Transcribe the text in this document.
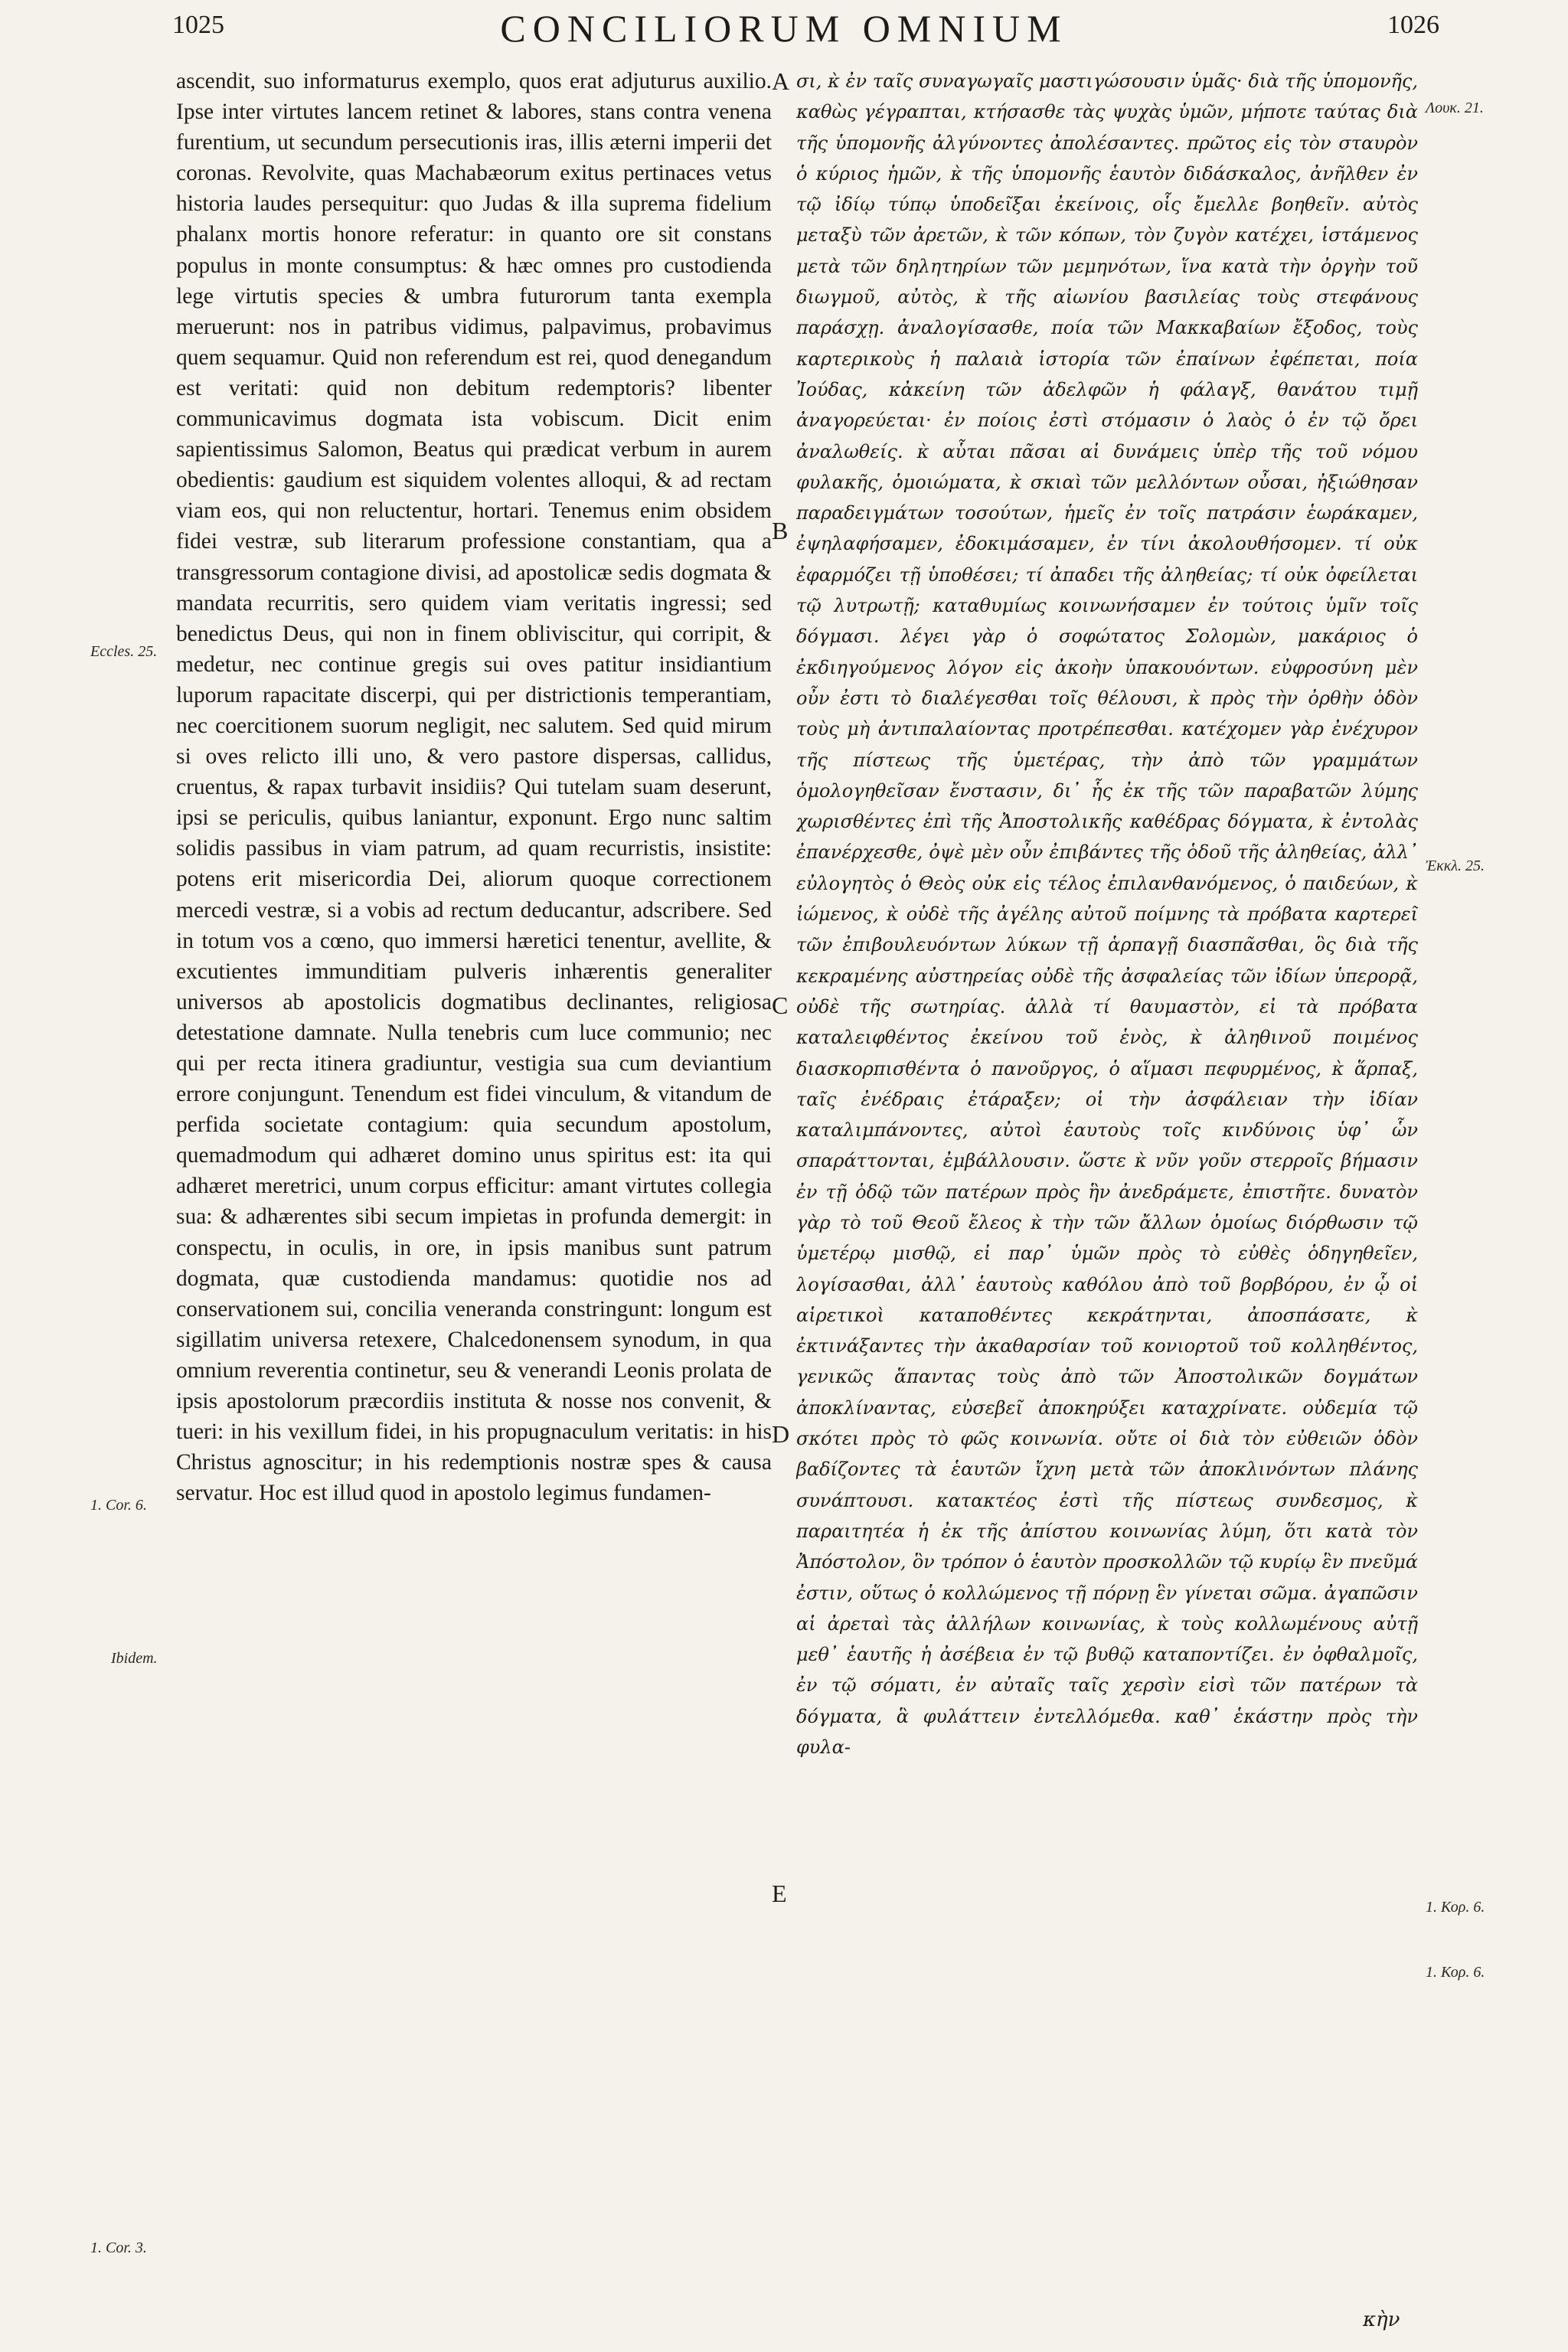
1025	CONCILIORUM OMNIUM	1026

ascendit, suo informaturus exemplo, quos erat adjuturus auxilio. Ipse inter virtutes lancem retinet & labores, stans contra venena furentium, ut secundum persecutionis iras, illis æterni imperii det coronas. Revolvite, quas Machabæorum exitus pertinaces vetus historia laudes persequitur: quo Judas & illa suprema fidelium phalanx mortis honore referatur: in quanto ore sit constans populus in monte consumptus: & hæc omnes pro custodienda lege virtutis species & umbra futurorum tanta exempla meruerunt: nos in patribus vidimus, palpavimus, probavimus quem sequamur. Quid non referendum est rei, quod denegandum est veritati: quid non debitum redemptoris? libenter communicavimus dogmata ista vobiscum. Dicit enim sapientissimus Salomon, Beatus qui prædicat verbum in aurem obedientis: gaudium est siquidem volentes alloqui, & ad rectam viam eos, qui non reluctentur, hortari. Tenemus enim obsidem fidei vestræ, sub literarum professione constantiam, qua a transgressorum contagione divisi, ad apostolicæ sedis dogmata & mandata recurritis, sero quidem viam veritatis ingressi; sed benedictus Deus, qui non in finem obliviscitur, qui corripit, & medetur, nec continue gregis sui oves patitur insidiantium luporum rapacitate discerpi, qui per districtionis temperantiam, nec coercitionem suorum negligit, nec salutem. Sed quid mirum si oves relicto illi uno, & vero pastore dispersas, callidus, cruentus, & rapax turbavit insidiis? Qui tutelam suam deserunt, ipsi se periculis, quibus laniantur, exponunt. Ergo nunc saltim solidis passibus in viam patrum, ad quam recurristis, insistite: potens erit misericordia Dei, aliorum quoque correctionem mercedi vestræ, si a vobis ad rectum deducantur, adscribere. Sed in totum vos a cœno, quo immersi hæretici tenentur, avellite, & excutientes immunditiam pulveris inhærentis generaliter universos ab apostolicis dogmatibus declinantes, religiosa detestatione damnate. Nulla tenebris cum luce communio; nec qui per recta itinera gradiuntur, vestigia sua cum deviantium errore conjungunt. Tenendum est fidei vinculum, & vitandum de perfida societate contagium: quia secundum apostolum, quemadmodum qui adhæret domino unus spiritus est: ita qui adhæret meretrici, unum corpus efficitur: amant virtutes collegia sua: & adhærentes sibi secum impietas in profunda demergit: in conspectu, in oculis, in ore, in ipsis manibus sunt patrum dogmata, quæ custodienda mandamus: quotidie nos ad conservationem sui, concilia veneranda constringunt: longum est sigillatim universa retexere, Chalcedonensem synodum, in qua omnium reverentia continetur, seu & venerandi Leonis prolata de ipsis apostolorum præcordiis instituta & nosse nos convenit, & tueri: in his vexillum fidei, in his propugnaculum veritatis: in his Christus agnoscitur; in his redemptionis nostræ spes & causa servatur. Hoc est illud quod in apostolo legimus fundamen-

σι, κ̀ ἐν ταῖς συναγωγαῖς μαστιγώσουσιν ὑμᾶς· διὰ τῆς ὑπομονῆς, καθὼς γέγραπται, κτήσασθε τὰς ψυχὰς ὑμῶν, μήποτε ταύτας διὰ τῆς ὑπομονῆς ἀλγύνοντες ἀπολέσαντες. πρῶτος εἰς τὸν σταυρὸν ὁ κύριος ἡμῶν, κ̀ τῆς ὑπομονῆς ἑαυτὸν διδάσκαλος, ἀνῆλθεν ἐν τῷ ἰδίῳ τύπῳ ὑποδεῖξαι ἐκείνοις, οἷς ἔμελλε βοηθεῖν. αὐτὸς μεταξὺ τῶν ἀρετῶν, κ̀ τῶν κόπων, τὸν ζυγὸν κατέχει, ἱστάμενος μετὰ τῶν δηλητηρίων τῶν μεμηνότων, ἵνα κατὰ τὴν ὀργὴν τοῦ διωγμοῦ, αὐτὸς, κ̀ τῆς αἰωνίου βασιλείας τοὺς στεφάνους παράσχῃ. ἀναλογίσασθε, ποία τῶν Μακκαβαίων ἔξοδος, τοὺς καρτερικοὺς ἡ παλαιὰ ἱστορία τῶν ἐπαίνων ἐφέπεται, ποία Ἰούδας, κἀκείνη τῶν ἀδελφῶν ἡ φάλαγξ, θανάτου τιμῇ ἀναγορεύεται· ἐν ποίοις ἐστὶ στόμασιν ὁ λαὸς ὁ ἐν τῷ ὄρει ἀναλωθείς. κ̀ αὗται πᾶσαι αἱ δυνάμεις ὑπὲρ τῆς τοῦ νόμου φυλακῆς, ὁμοιώματα, κ̀ σκιαὶ τῶν μελλόντων οὖσαι, ἠξιώθησαν παραδειγμάτων τοσούτων, ἡμεῖς ἐν τοῖς πατράσιν ἑωράκαμεν, ἐψηλαφήσαμεν, ἐδοκιμάσαμεν, ἐν τίνι ἀκολουθήσομεν. τί οὐκ ἐφαρμόζει τῇ ὑποθέσει; τί ἀπαδει τῆς ἀληθείας; τί οὐκ ὀφείλεται τῷ λυτρωτῇ; καταθυμίως κοινωνήσαμεν ἐν τούτοις ὑμῖν τοῖς δόγμασι. λέγει γὰρ ὁ σοφώτατος Σολομὼν, μακάριος ὁ ἐκδιηγούμενος λόγον εἰς ἀκοὴν ὑπακουόντων. εὐφροσύνη μὲν οὖν ἐστι τὸ διαλέγεσθαι τοῖς θέλουσι, κ̀ πρὸς τὴν ὀρθὴν ὁδὸν τοὺς μὴ ἀντιπαλαίοντας προτρέπεσθαι. κατέχομεν γὰρ ἐνέχυρον τῆς πίστεως τῆς ὑμετέρας, τὴν ἀπὸ τῶν γραμμάτων ὁμολογηθεῖσαν ἔνστασιν, δι᾽ ἧς ἐκ τῆς τῶν παραβατῶν λύμης χωρισθέντες ἐπὶ τῆς Ἀποστολικῆς καθέδρας δόγματα, κ̀ ἐντολὰς ἐπανέρχεσθε, ὀψὲ μὲν οὖν ἐπιβάντες τῆς ὁδοῦ τῆς ἀληθείας, ἀλλ᾽ εὐλογητὸς ὁ Θεὸς οὐκ εἰς τέλος ἐπιλανθανόμενος, ὁ παιδεύων, κ̀ ἰώμενος, κ̀ οὐδὲ τῆς ἀγέλης αὐτοῦ ποίμνης τὰ πρόβατα καρτερεῖ τῶν ἐπιβουλευόντων λύκων τῇ ἁρπαγῇ διασπᾶσθαι, ὃς διὰ τῆς κεκραμένης αὐστηρείας οὐδὲ τῆς ἀσφαλείας τῶν ἰδίων ὑπερορᾷ, οὐδὲ τῆς σωτηρίας. ἀλλὰ τί θαυμαστὸν, εἰ τὰ πρόβατα καταλειφθέντος ἐκείνου τοῦ ἑνὸς, κ̀ ἀληθινοῦ ποιμένος διασκορπισθέντα ὁ πανοῦργος, ὁ αἵμασι πεφυρμένος, κ̀ ἅρπαξ, ταῖς ἐνέδραις ἐτάραξεν; οἱ τὴν ἀσφάλειαν τὴν ἰδίαν καταλιμπάνοντες, αὐτοὶ ἑαυτοὺς τοῖς κινδύνοις ὑφ᾽ ὧν σπαράττονται, ἐμβάλλουσιν. ὥστε κ̀ νῦν γοῦν στερροῖς βήμασιν ἐν τῇ ὁδῷ τῶν πατέρων πρὸς ἣν ἀνεδράμετε, ἐπιστῆτε. δυνατὸν γὰρ τὸ τοῦ Θεοῦ ἔλεος κ̀ τὴν τῶν ἄλλων ὁμοίως διόρθωσιν τῷ ὑμετέρῳ μισθῷ, εἰ παρ᾽ ὑμῶν πρὸς τὸ εὐθὲς ὁδηγηθεῖεν, λογίσασθαι, ἀλλ᾽ ἑαυτοὺς καθόλου ἀπὸ τοῦ βορβόρου, ἐν ᾧ οἱ αἱρετικοὶ καταποθέντες κεκράτηνται, ἀποσπάσατε, κ̀ ἐκτινάξαντες τὴν ἀκαθαρσίαν τοῦ κονιορτοῦ τοῦ κολληθέντος, γενικῶς ἅπαντας τοὺς ἀπὸ τῶν Ἀποστολικῶν δογμάτων ἀποκλίναντας, εὐσεβεῖ ἀποκηρύξει καταχρίνατε. οὐδεμία τῷ σκότει πρὸς τὸ φῶς κοινωνία. οὔτε οἱ διὰ τὸν εὐθειῶν ὁδὸν βαδίζοντες τὰ ἑαυτῶν ἴχνη μετὰ τῶν ἀποκλινόντων πλάνης συνάπτουσι. κατακτέος ἐστὶ τῆς πίστεως συνδεσμος, κ̀ παραιτητέα ἡ ἐκ τῆς ἀπίστου κοινωνίας λύμη, ὅτι κατὰ τὸν Ἀπόστολον, ὃν τρόπον ὁ ἑαυτὸν προσκολλῶν τῷ κυρίῳ ἓν πνεῦμά ἐστιν, οὕτως ὁ κολλώμενος τῇ πόρνῃ ἓν γίνεται σῶμα. ἀγαπῶσιν αἱ ἀρεταὶ τὰς ἀλλήλων κοινωνίας, κ̀ τοὺς κολλωμένους αὐτῇ μεθ᾽ ἑαυτῆς ἡ ἀσέβεια ἐν τῷ βυθῷ καταποντίζει. ἐν ὀφθαλμοῖς, ἐν τῷ σόματι, ἐν αὐταῖς ταῖς χερσὶν εἰσὶ τῶν πατέρων τὰ δόγματα, ἃ φυλάττειν ἐντελλόμεθα. καθ᾽ ἑκάστην πρὸς τὴν φυλα-

κὴν
Eccles. 25.
1. Cor. 6.
Ibidem.
1. Cor. 3.
Λουκ. 21.
Ἐκκλ. 25.
1. Κορ. 6.
1. Κορ. 6.
A
B
C
D
E
